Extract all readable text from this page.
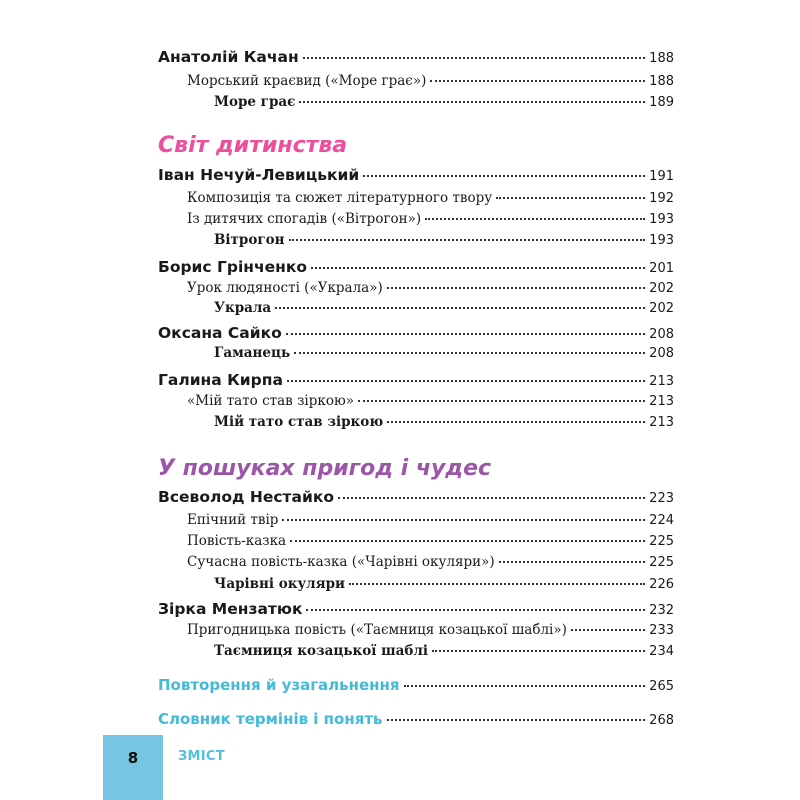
Світ дитинства
У пошуках пригод і чудес
Анатолій Качан	188
Морський краєвид («Море грає»)	188
Море грає	189
Іван Нечуй-Левицький	191
Композиція та сюжет літературного твору	192
Із дитячих спогадів («Вітрогон»)	193
Вітрогон	193
Борис Грінченко	201
Урок людяності («Украла»)	202
Украла	202
Оксана Сайко	208
Гаманець	208
Галина Кирпа	213
«Мій тато став зіркою»	213
Мій тато став зіркою	213
Всеволод Нестайко	223
Епічний твір	224
Повість-казка	225
Сучасна повість-казка («Чарівні окуляри»)	225
Чарівні окуляри	226
Зірка Мензатюк	232
Пригодницька повість («Таємниця козацької шаблі»)	233
Таємниця козацької шаблі	234
Повторення й узагальнення	265
Словник термінів і понять	268
8	ЗМІСТ
